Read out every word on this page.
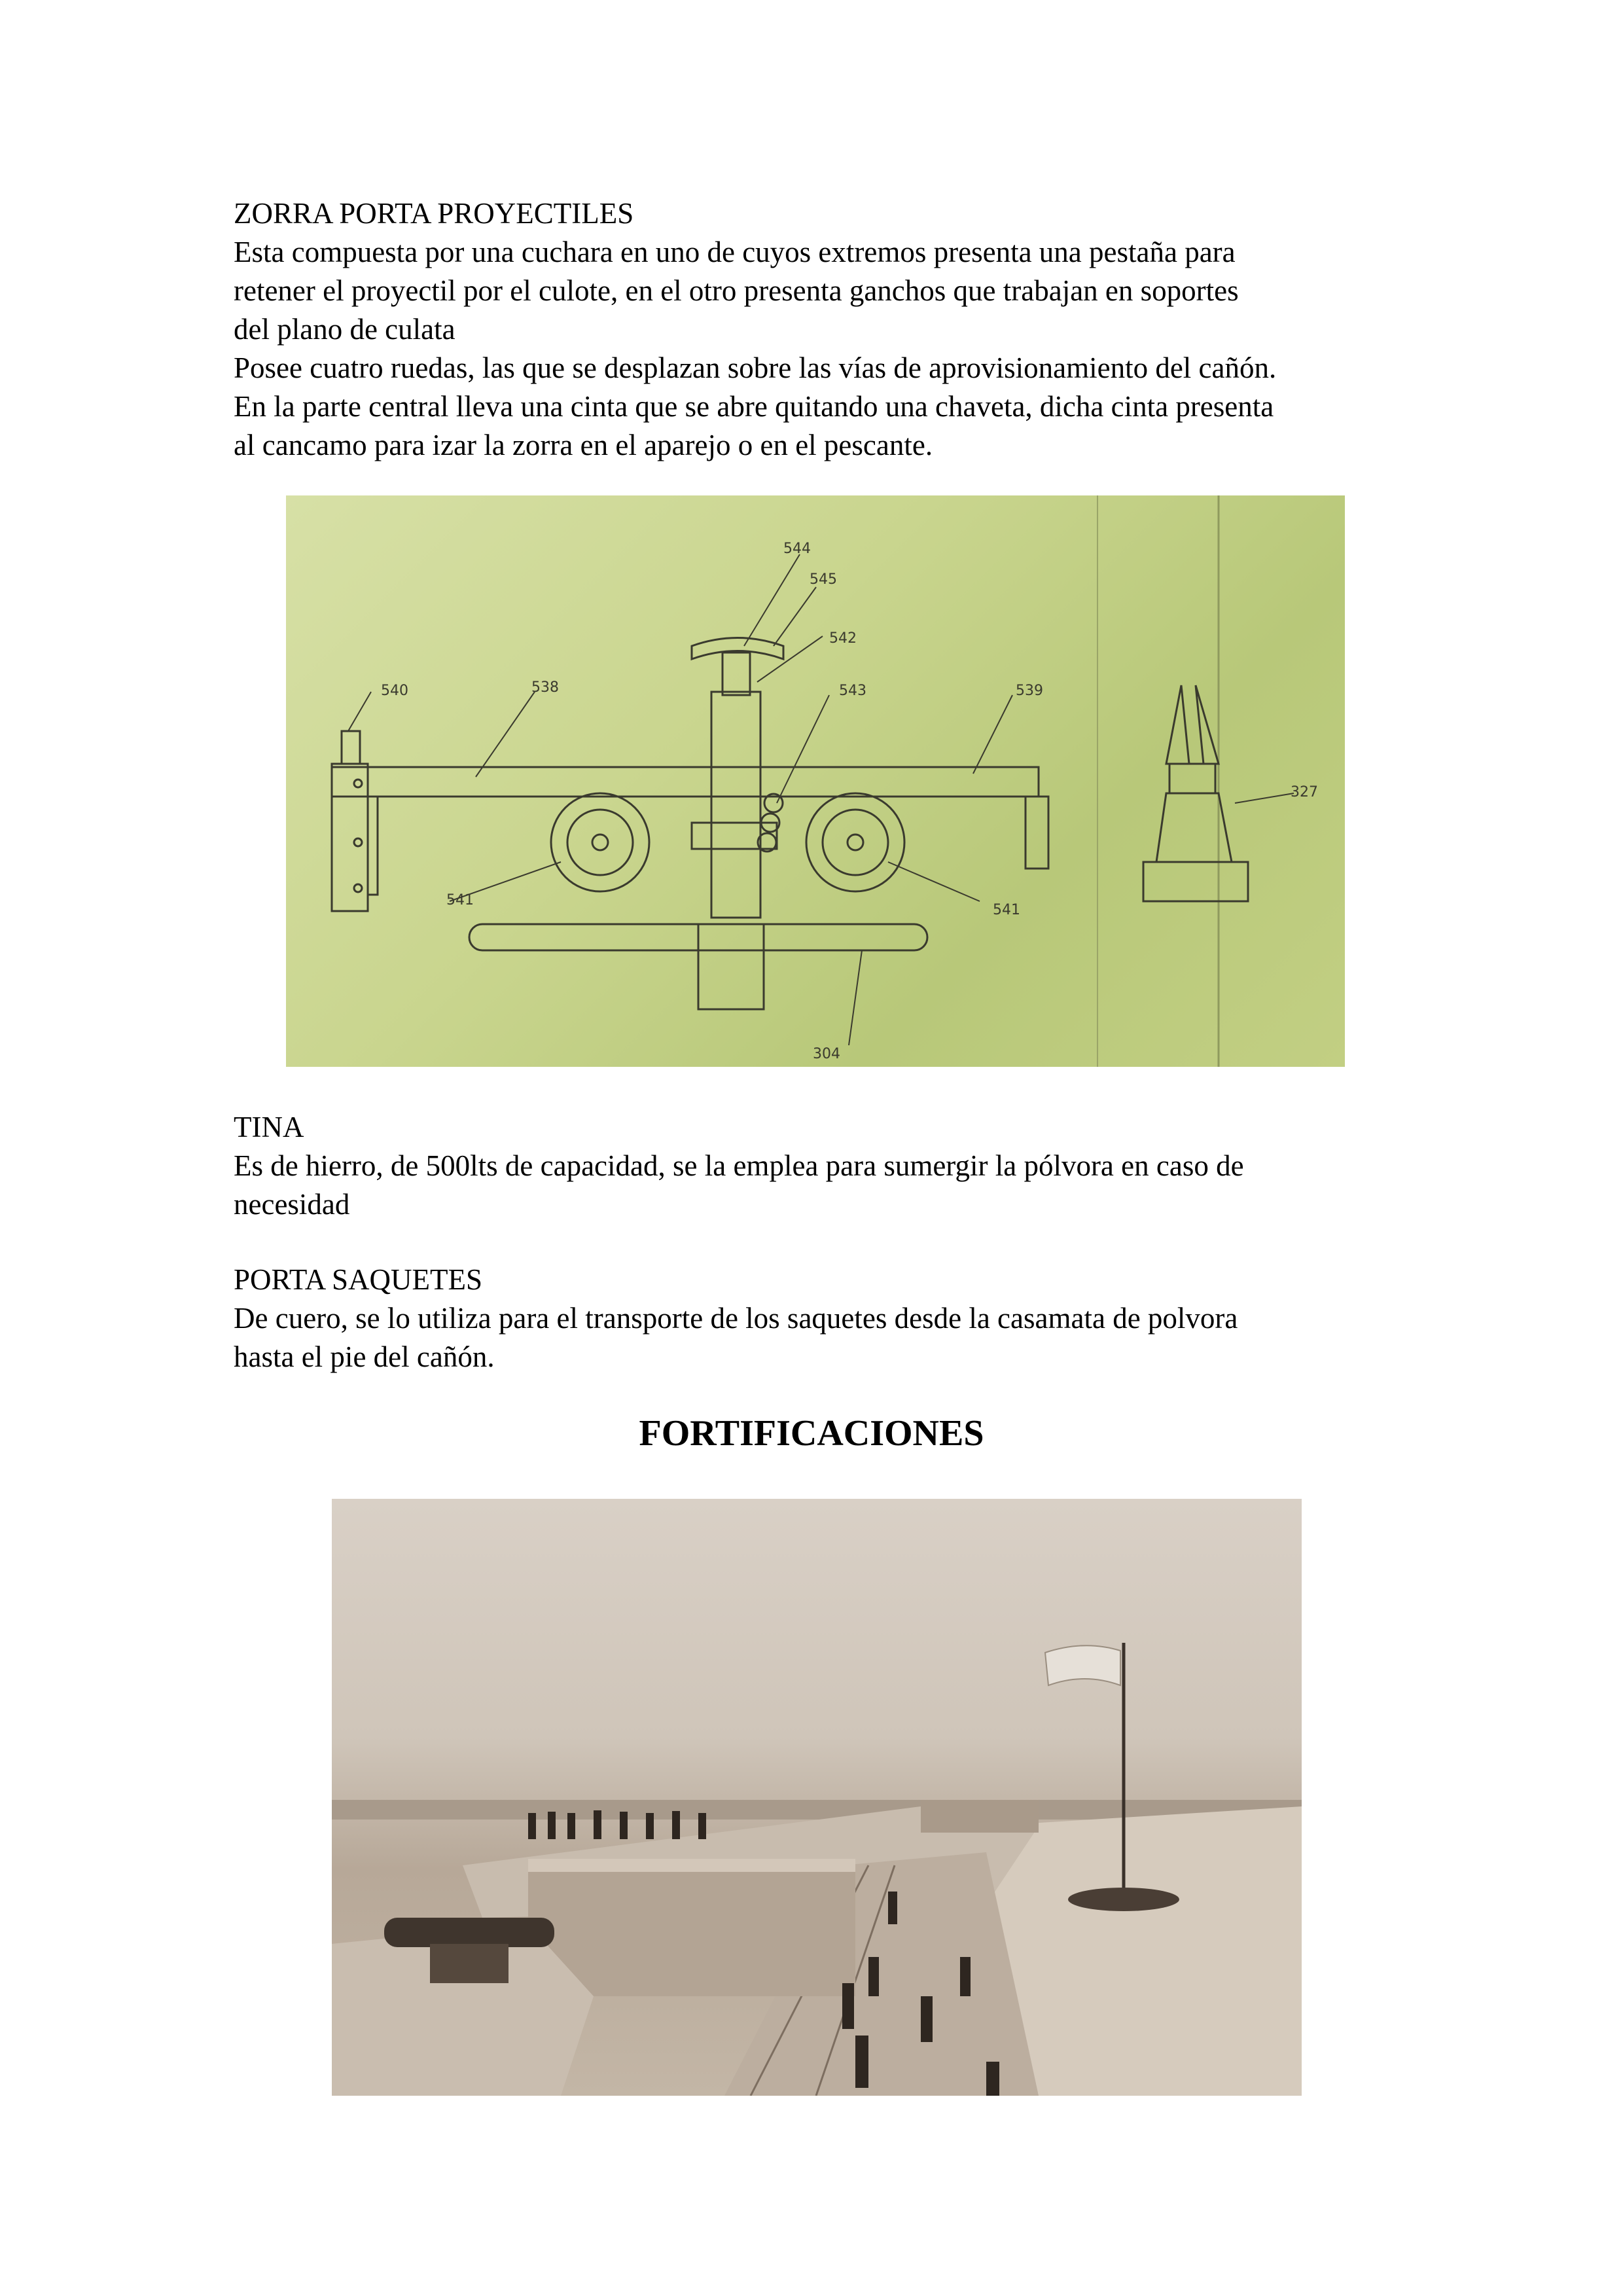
ZORRA PORTA PROYECTILES
Esta compuesta por una cuchara en uno de cuyos extremos presenta una pestaña para
retener el proyectil por el culote, en el otro presenta ganchos que trabajan en soportes
del plano de culata
Posee cuatro ruedas, las que se desplazan sobre las vías de aprovisionamiento del cañón.
En la parte central lleva una cinta que se abre quitando una chaveta, dicha cinta presenta
al cancamo para izar la zorra en el aparejo o en el pescante.
544
545
542
540	538	543	539
327
541
541
304
TINA
Es de hierro, de 500lts de capacidad, se la emplea para sumergir la pólvora en caso de
necesidad
PORTA SAQUETES
De cuero, se lo utiliza para el transporte de los saquetes desde la casamata de polvora
hasta el pie del cañón.
FORTIFICACIONES
